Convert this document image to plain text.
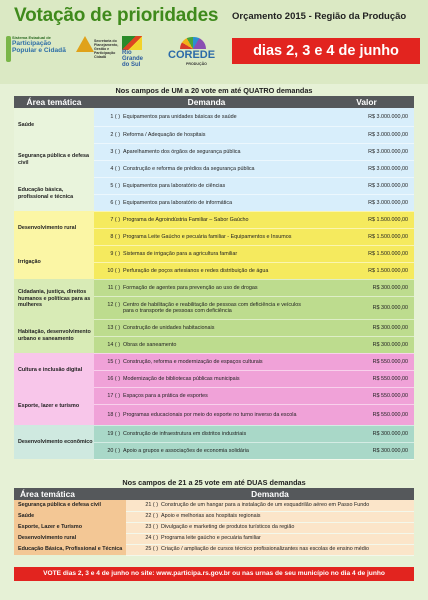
Votação de prioridades Orçamento 2015 - Região da Produção
Sistema Estadual de
Participação
Popular e Cidadã
Secretaria do Planejamento, Gestão e Participação Cidadã
Rio
Grande
do Sul
COREDE
PRODUÇÃO
dias 2, 3 e 4 de junho
Nos campos de UM a 20 vote em até QUATRO demandas
Área temática	Demanda	Valor
Saúde	1 ( ) Equipamentos para unidades básicas de saúde	R$ 3.000.000,00
	2 ( ) Reforma / Adequação de hospitais	R$ 3.000.000,00
Segurança pública e defesa civil	3 ( ) Aparelhamento dos órgãos de segurança pública	R$ 3.000.000,00
	4 ( ) Construção e reforma de prédios da segurança pública	R$ 3.000.000,00
Educação básica, profissional e técnica	5 ( ) Equipamentos para laboratório de ciências	R$ 3.000.000,00
	6 ( ) Equipamentos para laboratório de informática	R$ 3.000.000,00
Desenvolvimento rural	7 ( ) Programa de Agroindústria Familiar – Sabor Gaúcho	R$ 1.500.000,00
	8 ( ) Programa Leite Gaúcho e pecuária familiar - Equipamentos e Insumos	R$ 1.500.000,00
Irrigação	9 ( ) Sistemas de irrigação para a agricultura familiar	R$ 1.500.000,00
	10 ( ) Perfuração de poços artesianos e redes distribuição de água	R$ 1.500.000,00
Cidadania, justiça, direitos humanos e políticas para as mulheres	11 ( ) Formação de agentes para prevenção ao uso de drogas	R$ 300.000,00
	12 ( ) Centro de habilitação e reabilitação de pessoas com deficiência e veículos para o transporte de pessoas com deficiência	R$ 300.000,00
Habitação, desenvolvimento urbano e saneamento	13 ( ) Construção de unidades habitacionais	R$ 300.000,00
	14 ( ) Obras de saneamento	R$ 300.000,00
Cultura e inclusão digital	15 ( ) Construção, reforma e modernização de espaços culturais	R$ 550.000,00
	16 ( ) Modernização de bibliotecas públicas municipais	R$ 550.000,00
Esporte, lazer e turismo	17 ( ) Espaços para a prática de esportes	R$ 550.000,00
	18 ( ) Programas educacionais por meio do esporte no turno inverso da escola	R$ 550.000,00
Desenvolvimento econômico	19 ( ) Construção de infraestrutura em distritos industriais	R$ 300.000,00
	20 ( ) Apoio a grupos e associações de economia solidária	R$ 300.000,00
Nos campos de 21 a 25 vote em até DUAS demandas
Área temática	Demanda
Segurança pública e defesa civil	21 ( ) Construção de um hangar para a instalação de um esquadrilão aéreo em Passo Fundo
Saúde	22 ( ) Apoio e melhorias aos hospitais regionais
Esporte, Lazer e Turismo	23 ( ) Divulgação e marketing de produtos turísticos da região
Desenvolvimento rural	24 ( ) Programa leite gaúcho e pecuária familiar
Educação Básica, Profissional e Técnica	25 ( ) Criação / ampliação de cursos técnico profissionalizantes nas escolas de ensino médio
VOTE dias 2, 3 e 4 de junho no site: www.participa.rs.gov.br ou nas urnas de seu município no dia 4 de junho
